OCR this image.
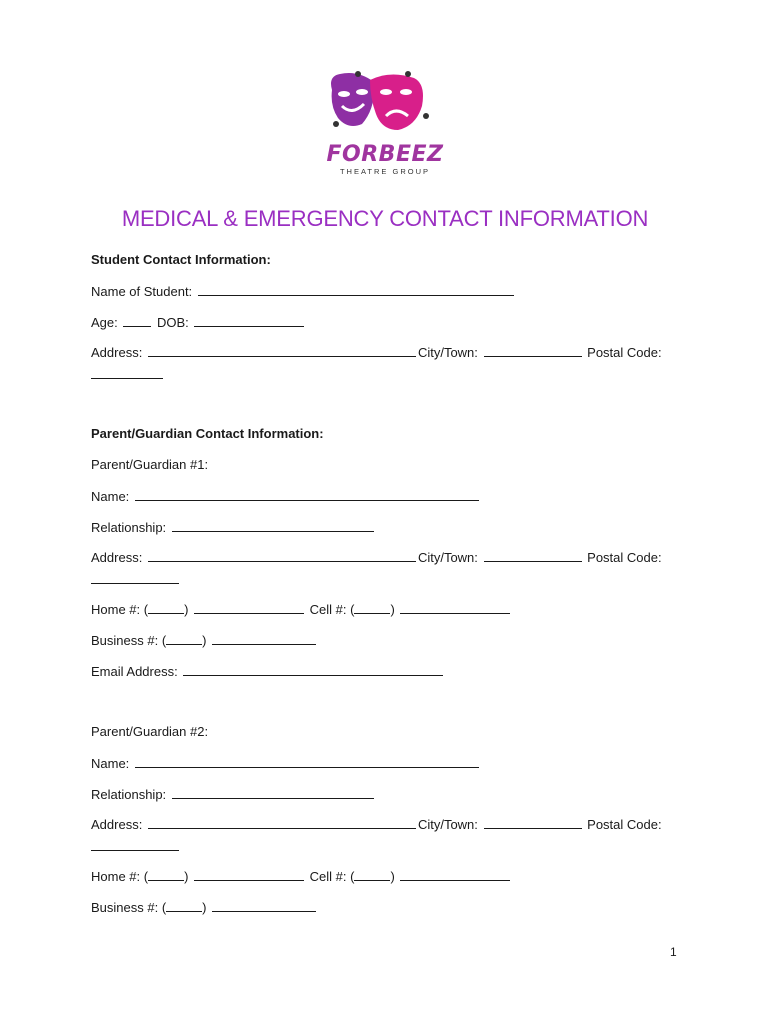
FORBEEZ
THEATRE GROUP
MEDICAL & EMERGENCY CONTACT INFORMATION
Student Contact Information:
Name of Student:
Age:	DOB:
Address:	City/Town:	Postal Code:
Parent/Guardian Contact Information:
Parent/Guardian #1:
Name:
Relationship:
Address:	City/Town:	Postal Code:
Home #: (	)	Cell #: (	)
Business #: (	)
Email Address:
Parent/Guardian #2:
Name:
Relationship:
Address:	City/Town:	Postal Code:
Home #: (	)	Cell #: (	)
Business #: (	)
1
